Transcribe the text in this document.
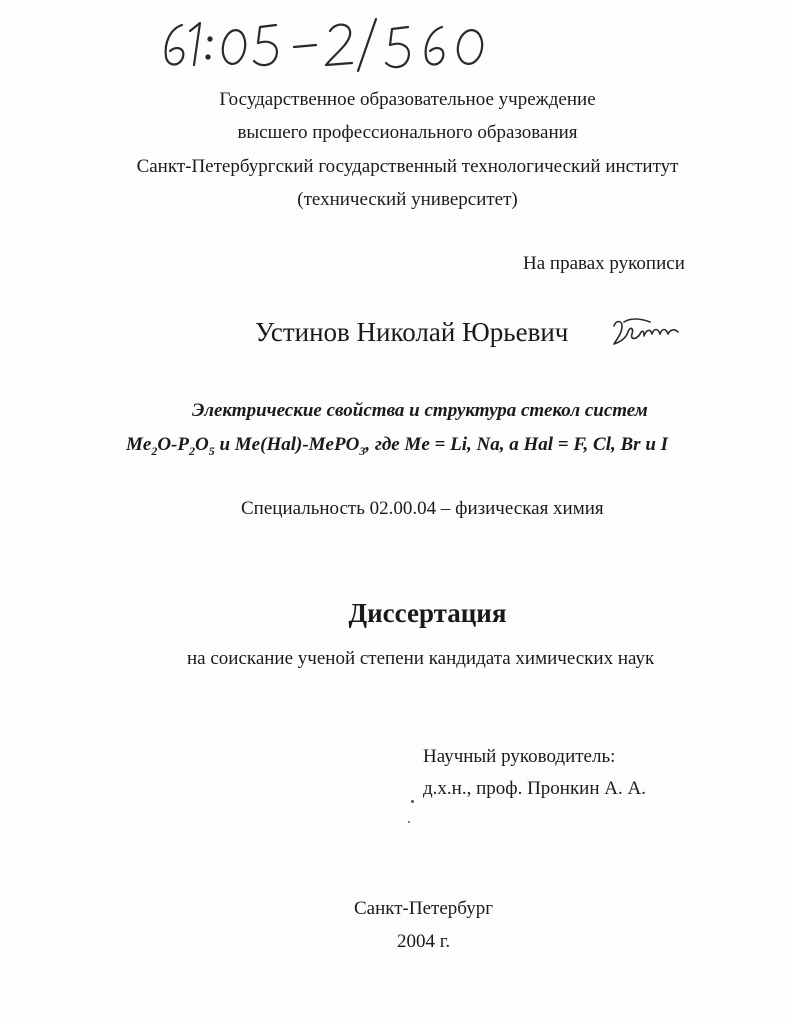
Государственное образовательное учреждение
высшего профессионального образования
Санкт-Петербургский государственный технологический институт
(технический университет)
На правах рукописи
Устинов Николай Юрьевич
Электрические свойства и структура стекол систем
$Me_2O-P_2O_5$ и Me(Hal)-MePO$_3$, где Me = Li, Na, а Hal = F, Cl, Br и I
Специальность 02.00.04 – физическая химия
Диссертация
на соискание ученой степени кандидата химических наук
Научный руководитель:
д.х.н., проф. Пронкин А. А.
Санкт-Петербург
2004 г.
